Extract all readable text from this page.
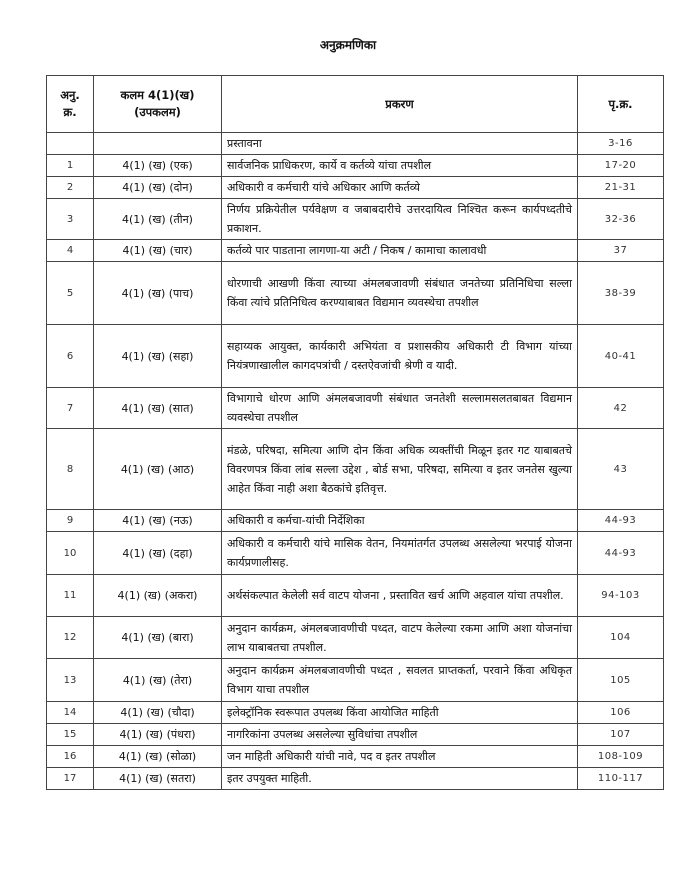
अनुक्रमणिका
अनु. क्र.	कलम 4(1)(ख) (उपकलम)	प्रकरण	पृ.क्र.
		प्रस्तावना	3-16
1	4(1) (ख) (एक)	सार्वजनिक प्राधिकरण, कार्ये व कर्तव्ये यांचा तपशील	17-20
2	4(1) (ख) (दोन)	अधिकारी व कर्मचारी यांचे अधिकार आणि कर्तव्ये	21-31
3	4(1) (ख) (तीन)	निर्णय प्रक्रियेतील पर्यवेक्षण व जबाबदारीचे उत्तरदायित्व निश्चित करून कार्यपध्दतीचे प्रकाशन.	32-36
4	4(1) (ख) (चार)	कर्तव्ये पार पाडताना लागणा-या अटी / निकष / कामाचा कालावधी	37
5	4(1) (ख) (पाच)	धोरणाची आखणी किंवा त्याच्या अंमलबजावणी संबंधात जनतेच्या प्रतिनिधिचा सल्ला किंवा त्यांचे प्रतिनिधित्व करण्याबाबत विद्यमान व्यवस्थेचा तपशील	38-39
6	4(1) (ख) (सहा)	सहाय्यक आयुक्त, कार्यकारी अभियंता व प्रशासकीय अधिकारी टी विभाग यांच्या नियंत्रणाखालील कागदपत्रांची / दस्तऐवजांची श्रेणी व यादी.	40-41
7	4(1) (ख) (सात)	विभागाचे धोरण आणि अंमलबजावणी संबंधात जनतेशी सल्लामसलतबाबत विद्यमान व्यवस्थेचा तपशील	42
8	4(1) (ख) (आठ)	मंडळे, परिषदा, समित्या आणि दोन किंवा अधिक व्यक्तींची मिळून इतर गट याबाबतचे विवरणपत्र किंवा लांब सल्ला उद्देश , बोर्ड सभा, परिषदा, समित्या व इतर जनतेस खुल्या आहेत किंवा नाही अशा बैठकांचे इतिवृत्त.	43
9	4(1) (ख) (नऊ)	अधिकारी व कर्मचा-यांची निर्देशिका	44-93
10	4(1) (ख) (दहा)	अधिकारी व कर्मचारी यांचे मासिक वेतन, नियमांतर्गत उपलब्ध असलेल्या भरपाई योजना कार्यप्रणालीसह.	44-93
11	4(1) (ख) (अकरा)	अर्थसंकल्पात केलेली सर्व वाटप योजना , प्रस्तावित खर्च आणि अहवाल यांचा तपशील.	94-103
12	4(1) (ख) (बारा)	अनुदान कार्यक्रम, अंमलबजावणीची पध्दत, वाटप केलेल्या रकमा आणि अशा योजनांचा लाभ याबाबतचा तपशील.	104
13	4(1) (ख) (तेरा)	अनुदान कार्यक्रम अंमलबजावणीची पध्दत , सवलत प्राप्तकर्ता, परवाने किंवा अधिकृत विभाग याचा तपशील	105
14	4(1) (ख) (चौदा)	इलेक्ट्रॉनिक स्वरूपात उपलब्ध किंवा आयोजित माहिती	106
15	4(1) (ख) (पंधरा)	नागरिकांना उपलब्ध असलेल्या सुविधांचा तपशील	107
16	4(1) (ख) (सोळा)	जन माहिती अधिकारी यांची नावे, पद व इतर तपशील	108-109
17	4(1) (ख) (सतरा)	इतर उपयुक्त माहिती.	110-117
